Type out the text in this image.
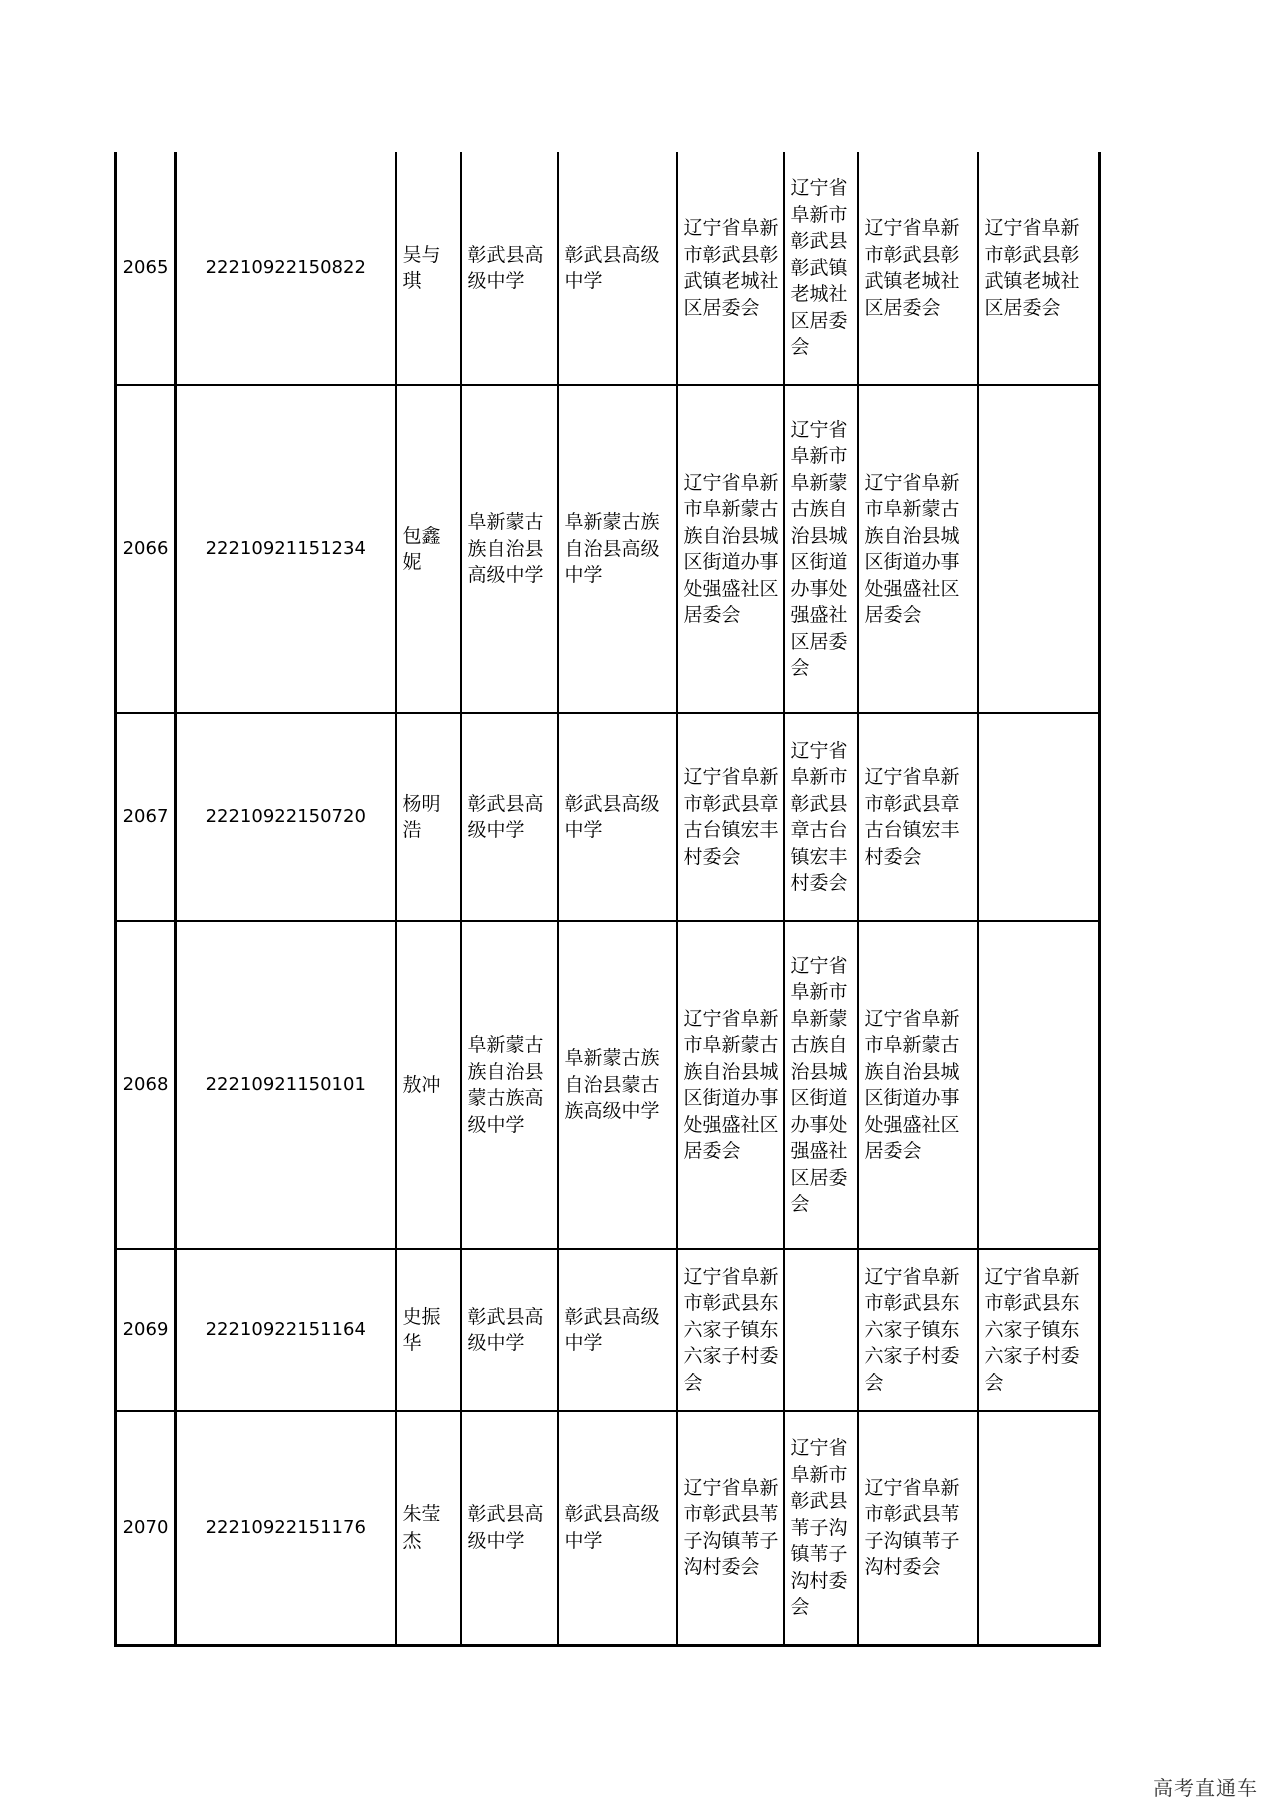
2065	22210922150822	吴与琪	彰武县高级中学	彰武县高级中学	辽宁省阜新市彰武县彰武镇老城社区居委会	辽宁省阜新市彰武县彰武镇老城社区居委会	辽宁省阜新市彰武县彰武镇老城社区居委会	辽宁省阜新市彰武县彰武镇老城社区居委会
2066	22210921151234	包鑫妮	阜新蒙古族自治县高级中学	阜新蒙古族自治县高级中学	辽宁省阜新市阜新蒙古族自治县城区街道办事处强盛社区居委会	辽宁省阜新市阜新蒙古族自治县城区街道办事处强盛社区居委会	辽宁省阜新市阜新蒙古族自治县城区街道办事处强盛社区居委会	
2067	22210922150720	杨明浩	彰武县高级中学	彰武县高级中学	辽宁省阜新市彰武县章古台镇宏丰村委会	辽宁省阜新市彰武县章古台镇宏丰村委会	辽宁省阜新市彰武县章古台镇宏丰村委会	
2068	22210921150101	敖冲	阜新蒙古族自治县蒙古族高级中学	阜新蒙古族自治县蒙古族高级中学	辽宁省阜新市阜新蒙古族自治县城区街道办事处强盛社区居委会	辽宁省阜新市阜新蒙古族自治县城区街道办事处强盛社区居委会	辽宁省阜新市阜新蒙古族自治县城区街道办事处强盛社区居委会	
2069	22210922151164	史振华	彰武县高级中学	彰武县高级中学	辽宁省阜新市彰武县东六家子镇东六家子村委会		辽宁省阜新市彰武县东六家子镇东六家子村委会	辽宁省阜新市彰武县东六家子镇东六家子村委会
2070	22210922151176	朱莹杰	彰武县高级中学	彰武县高级中学	辽宁省阜新市彰武县苇子沟镇苇子沟村委会	辽宁省阜新市彰武县苇子沟镇苇子沟村委会	辽宁省阜新市彰武县苇子沟镇苇子沟村委会	
高考直通车
